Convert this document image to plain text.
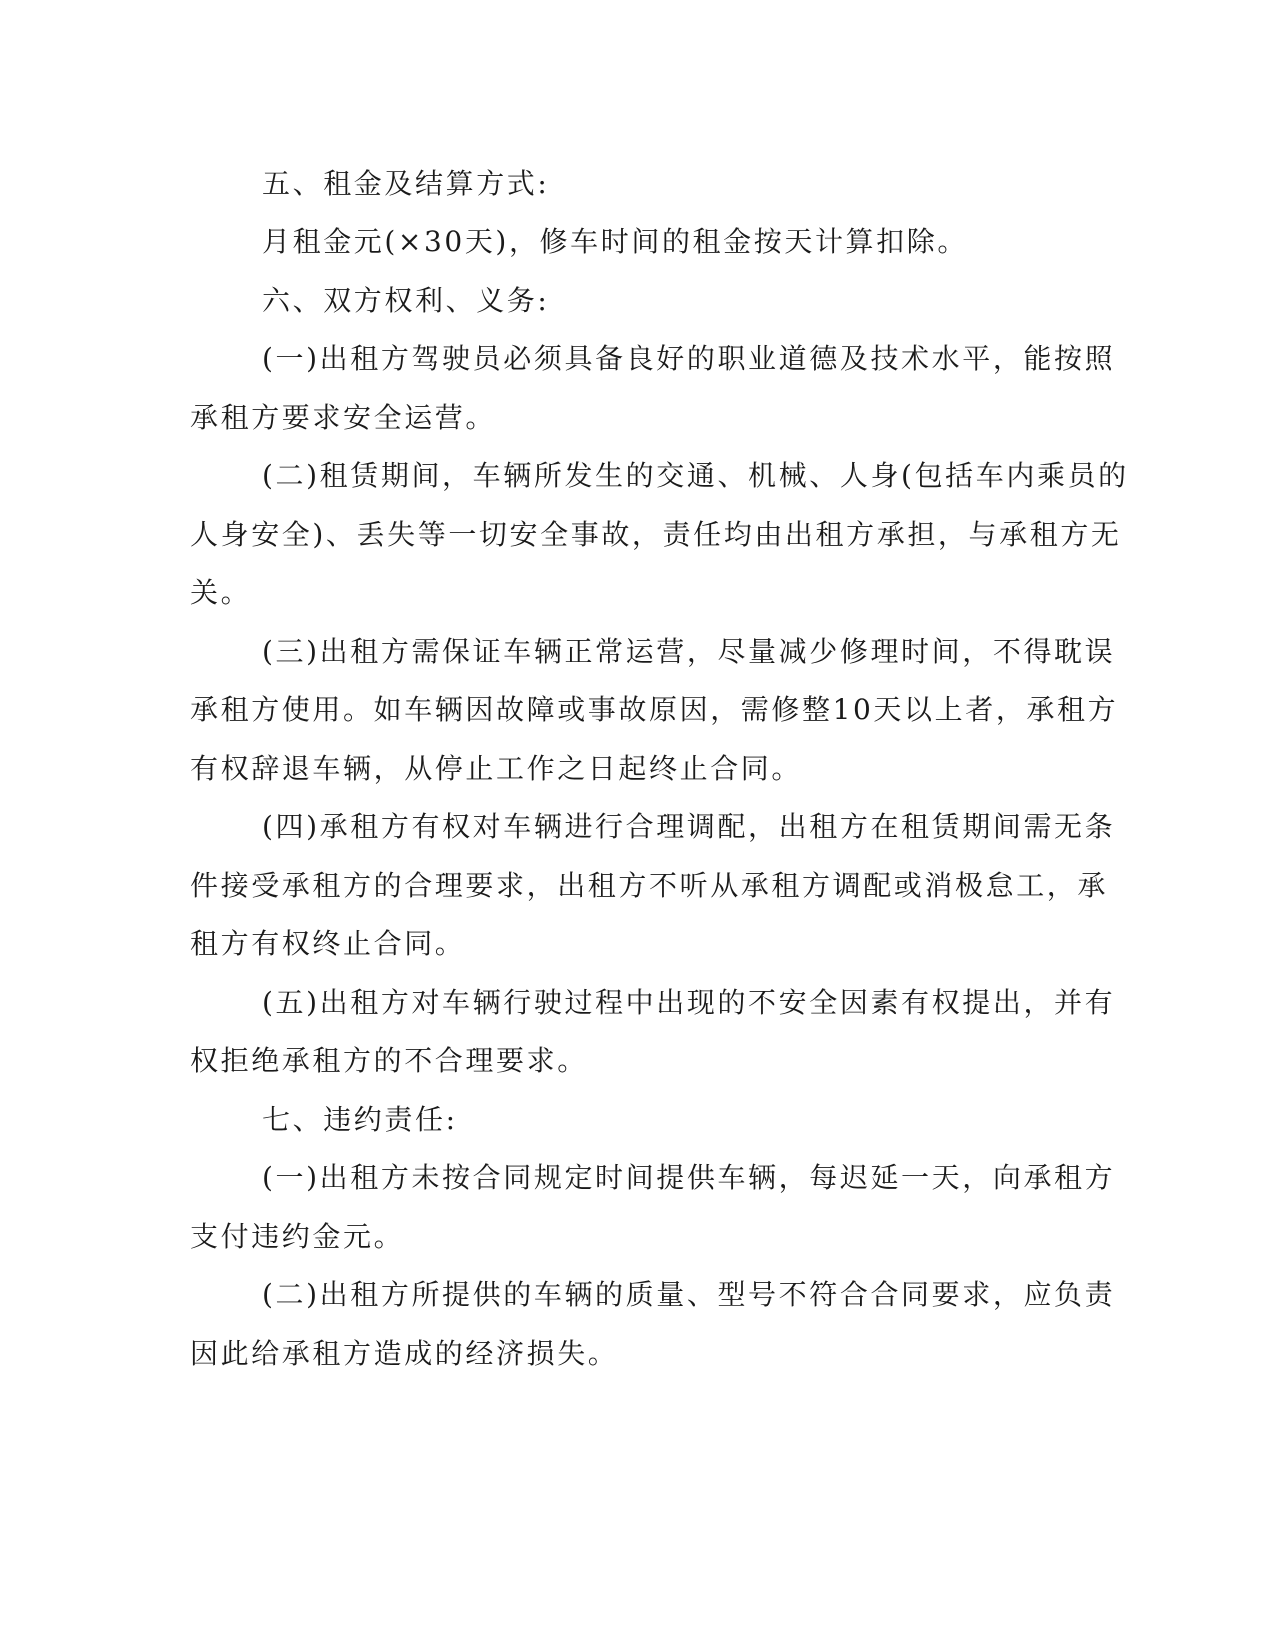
五、租金及结算方式:
月租金元(×30天)，修车时间的租金按天计算扣除。
六、双方权利、义务:
(一)出租方驾驶员必须具备良好的职业道德及技术水平，能按照
承租方要求安全运营。
(二)租赁期间，车辆所发生的交通、机械、人身(包括车内乘员的
人身安全)、丢失等一切安全事故，责任均由出租方承担，与承租方无
关。
(三)出租方需保证车辆正常运营，尽量减少修理时间，不得耽误
承租方使用。如车辆因故障或事故原因，需修整10天以上者，承租方
有权辞退车辆，从停止工作之日起终止合同。
(四)承租方有权对车辆进行合理调配，出租方在租赁期间需无条
件接受承租方的合理要求，出租方不听从承租方调配或消极怠工，承
租方有权终止合同。
(五)出租方对车辆行驶过程中出现的不安全因素有权提出，并有
权拒绝承租方的不合理要求。
七、违约责任:
(一)出租方未按合同规定时间提供车辆，每迟延一天，向承租方
支付违约金元。
(二)出租方所提供的车辆的质量、型号不符合合同要求，应负责
因此给承租方造成的经济损失。
